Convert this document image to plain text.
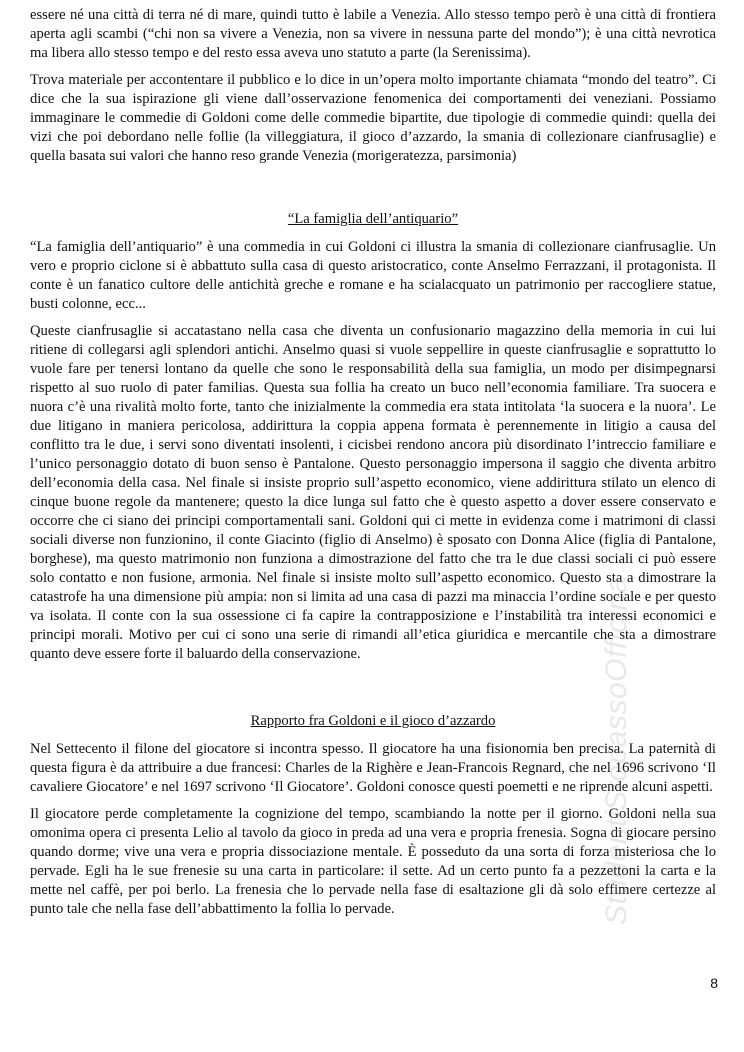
essere né una città di terra né di mare, quindi tutto è labile a Venezia. Allo stesso tempo però è una città di frontiera aperta agli scambi (“chi non sa vivere a Venezia, non sa vivere in nessuna parte del mondo”); è una città nevrotica ma libera allo stesso tempo e del resto essa aveva uno statuto a parte (la Serenissima).

Trova materiale per accontentare il pubblico e lo dice in un’opera molto importante chiamata “mondo del teatro”. Ci dice che la sua ispirazione gli viene dall’osservazione fenomenica dei comportamenti dei veneziani. Possiamo immaginare le commedie di Goldoni come delle commedie bipartite, due tipologie di commedie quindi: quella dei vizi che poi debordano nelle follie (la villeggiatura, il gioco d’azzardo, la smania di collezionare cianfrusaglie) e quella basata sui valori che hanno reso grande Venezia (morigeratezza, parsimonia)

“La famiglia dell’antiquario”

“La famiglia dell’antiquario” è una commedia in cui Goldoni ci illustra la smania di collezionare cianfrusaglie. Un vero e proprio ciclone si è abbattuto sulla casa di questo aristocratico, conte Anselmo Ferrazzani, il protagonista. Il conte è un fanatico cultore delle antichità greche e romane e ha scialacquato un patrimonio per raccogliere statue, busti colonne, ecc...

Queste cianfrusaglie si accatastano nella casa che diventa un confusionario magazzino della memoria in cui lui ritiene di collegarsi agli splendori antichi. Anselmo quasi si vuole seppellire in queste cianfrusaglie e soprattutto lo vuole fare per tenersi lontano da quelle che sono le responsabilità della sua famiglia, un modo per disimpegnarsi rispetto al suo ruolo di pater familias. Questa sua follia ha creato un buco nell’economia familiare. Tra suocera e nuora c’è una rivalità molto forte, tanto che inizialmente la commedia era stata intitolata ‘la suocera e la nuora’. Le due litigano in maniera pericolosa, addirittura la coppia appena formata è perennemente in litigio a causa del conflitto tra le due, i servi sono diventati insolenti, i cicisbei rendono ancora più disordinato l’intreccio familiare e l’unico personaggio dotato di buon senso è Pantalone. Questo personaggio impersona il saggio che diventa arbitro dell’economia della casa. Nel finale si insiste proprio sull’aspetto economico, viene addirittura stilato un elenco di cinque buone regole da mantenere; questo la dice lunga sul fatto che è questo aspetto a dover essere conservato e occorre che ci siano dei principi comportamentali sani. Goldoni qui ci mette in evidenza come i matrimoni di classi sociali diverse non funzionino, il conte Giacinto (figlio di Anselmo) è sposato con Donna Alice (figlia di Pantalone, borghese), ma questo matrimonio non funziona a dimostrazione del fatto che tra le due classi sociali ci può essere solo contatto e non fusione, armonia. Nel finale si insiste molto sull’aspetto economico. Questo sta a dimostrare la catastrofe ha una dimensione più ampia: non si limita ad una casa di pazzi ma minaccia l’ordine sociale e per questo va isolata. Il conte con la sua ossessione ci fa capire la contrapposizione e l’instabilità tra interessi economici e principi morali. Motivo per cui ci sono una serie di rimandi all’etica giuridica e mercantile che sta a dimostrare quanto deve essere forte il baluardo della conservazione.

Rapporto fra Goldoni e il gioco d’azzardo

Nel Settecento il filone del giocatore si incontra spesso. Il giocatore ha una fisionomia ben precisa. La paternità di questa figura è da attribuire a due francesi: Charles de la Righère e Jean-Francois Regnard, che nel 1696 scrivono ‘Il cavaliere Giocatore’ e nel 1697 scrivono ‘Il Giocatore’. Goldoni conosce questi poemetti e ne riprende alcuni aspetti.

Il giocatore perde completamente la cognizione del tempo, scambiando la notte per il giorno. Goldoni nella sua omonima opera ci presenta Lelio al tavolo da gioco in preda ad una vera e propria frenesia. Sogna di giocare persino quando dorme; vive una vera e propria dissociazione mentale. È posseduto da una sorta di forza misteriosa che lo pervade. Egli ha le sue frenesie su una carta in particolare: il sette. Ad un certo punto fa a pezzettoni la carta e la mette nel caffè, per poi berlo. La frenesia che lo pervade nella fase di esaltazione gli dà solo effimere certezze al punto tale che nella fase dell’abbattimento la follia lo pervade.	StudentiStopassoOfficina
8
